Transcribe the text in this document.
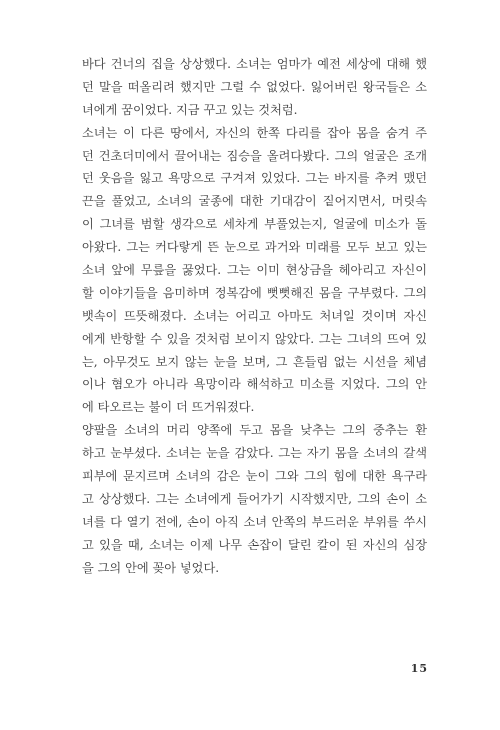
바다 건너의 집을 상상했다. 소녀는 엄마가 예전 세상에 대해 했
던 말을 떠올리려 했지만 그럴 수 없었다. 잃어버린 왕국들은 소
녀에게 꿈이었다. 지금 꾸고 있는 것처럼.
소녀는 이 다른 땅에서, 자신의 한쪽 다리를 잡아 몸을 숨겨 주
던 건초더미에서 끌어내는 짐승을 올려다봤다. 그의 얼굴은 조개
던 웃음을 잃고 욕망으로 구겨져 있었다. 그는 바지를 추켜 맸던
끈을 풀었고, 소녀의 굴종에 대한 기대감이 짙어지면서, 머릿속
이 그녀를 범할 생각으로 세차게 부풀었는지, 얼굴에 미소가 돌
아왔다. 그는 커다랗게 뜬 눈으로 과거와 미래를 모두 보고 있는
소녀 앞에 무릎을 꿇었다. 그는 이미 현상금을 헤아리고 자신이
할 이야기들을 음미하며 정복감에 뻣뻣해진 몸을 구부렸다. 그의
뱃속이 뜨뜻해졌다. 소녀는 어리고 아마도 처녀일 것이며 자신
에게 반항할 수 있을 것처럼 보이지 않았다. 그는 그녀의 뜨여 있
는, 아무것도 보지 않는 눈을 보며, 그 흔들림 없는 시선을 체념
이나 혐오가 아니라 욕망이라 해석하고 미소를 지었다. 그의 안
에 타오르는 불이 더 뜨거워졌다.
양팔을 소녀의 머리 양쪽에 두고 몸을 낮추는 그의 중추는 환
하고 눈부셨다. 소녀는 눈을 감았다. 그는 자기 몸을 소녀의 갈색
피부에 문지르며 소녀의 감은 눈이 그와 그의 힘에 대한 욕구라
고 상상했다. 그는 소녀에게 들어가기 시작했지만, 그의 손이 소
녀를 다 열기 전에, 손이 아직 소녀 안쪽의 부드러운 부위를 쑤시
고 있을 때, 소녀는 이제 나무 손잡이 달린 칼이 된 자신의 심장
을 그의 안에 꽂아 넣었다.
15
